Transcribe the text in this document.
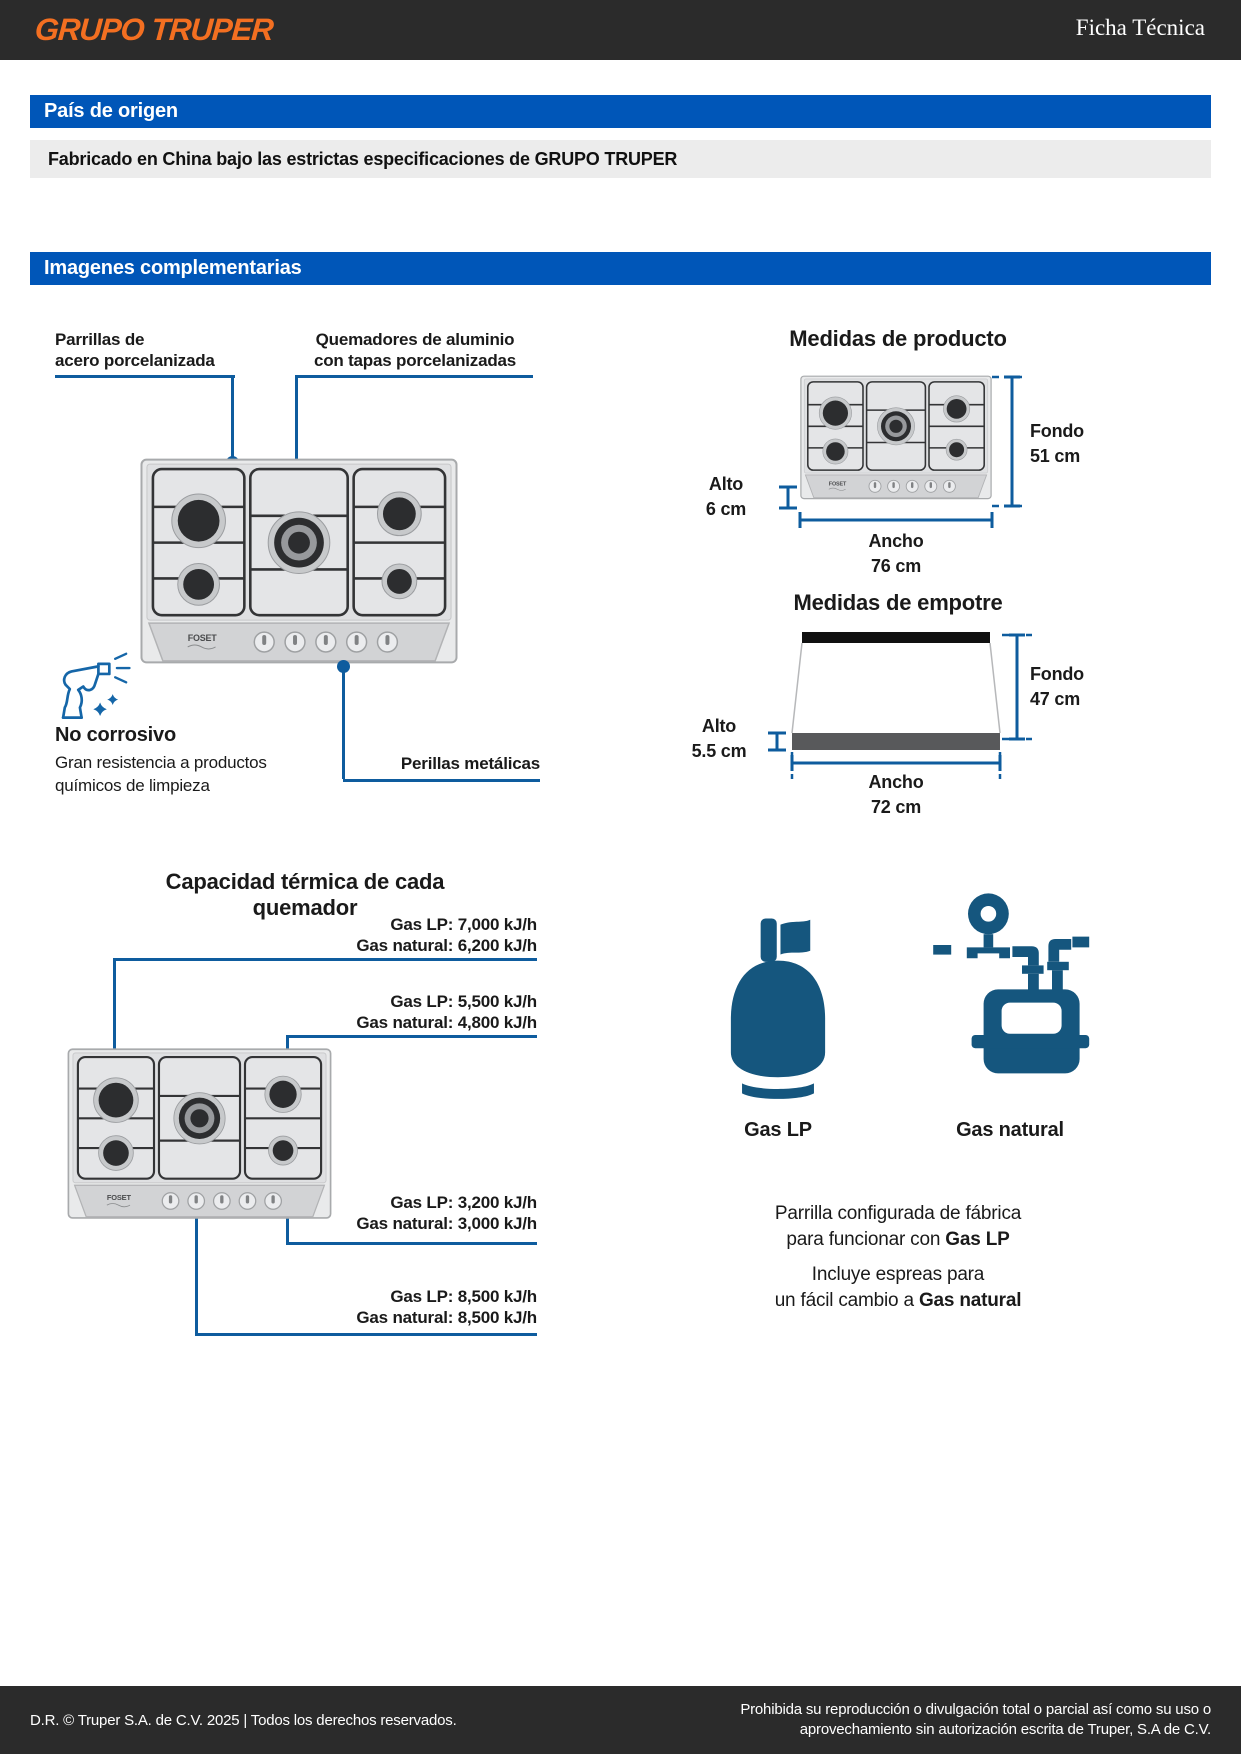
FOSET
GRUPO TRUPER	Ficha Técnica
País de origen
Fabricado en China bajo las estrictas especificaciones de GRUPO TRUPER
Imagenes complementarias
Parrillas de
acero porcelanizada
Quemadores de aluminio
con tapas porcelanizadas
No corrosivo
Gran resistencia a productos
químicos de limpieza
Perillas metálicas
Medidas de producto
Fondo
51 cm
Alto
6 cm
Ancho
76 cm
Medidas de empotre
Fondo
47 cm
Alto
5.5 cm
Ancho
72 cm
Capacidad térmica de cada quemador
Gas LP: 7,000 kJ/h
Gas natural: 6,200 kJ/h
Gas LP: 5,500 kJ/h
Gas natural: 4,800 kJ/h
Gas LP: 3,200 kJ/h
Gas natural: 3,000 kJ/h
Gas LP: 8,500 kJ/h
Gas natural: 8,500 kJ/h
Gas LP	Gas natural
Parrilla configurada de fábrica
para funcionar con Gas LP
Incluye espreas para
un fácil cambio a Gas natural
D.R. © Truper S.A. de C.V. 2025 | Todos los derechos reservados.
Prohibida su reproducción o divulgación total o parcial así como su uso o
aprovechamiento sin autorización escrita de Truper, S.A de C.V.
